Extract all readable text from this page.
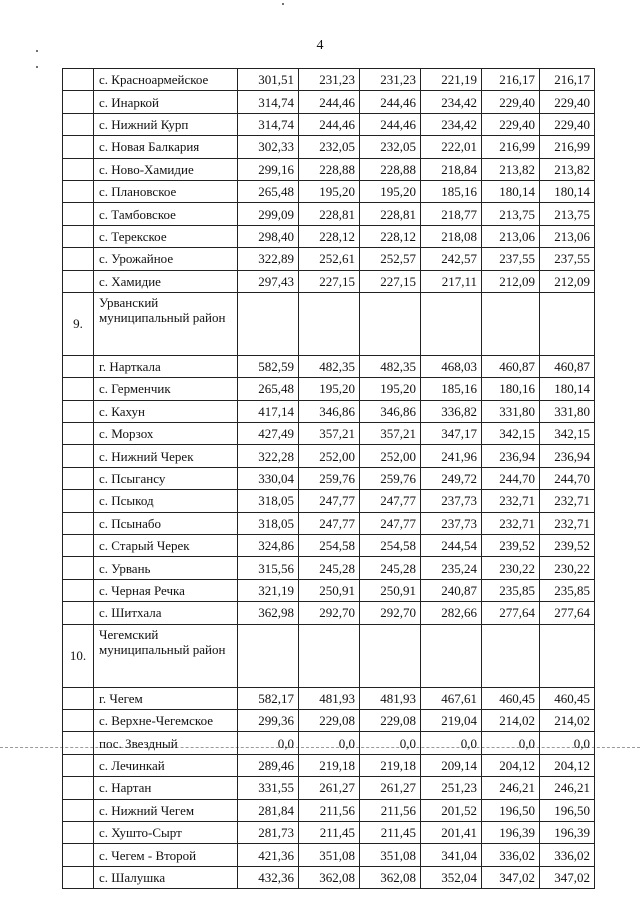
4
	с. Красноармейское	301,51	231,23	231,23	221,19	216,17	216,17
	с. Инаркой	314,74	244,46	244,46	234,42	229,40	229,40
	с. Нижний Курп	314,74	244,46	244,46	234,42	229,40	229,40
	с. Новая Балкария	302,33	232,05	232,05	222,01	216,99	216,99
	с. Ново-Хамидие	299,16	228,88	228,88	218,84	213,82	213,82
	с. Плановское	265,48	195,20	195,20	185,16	180,14	180,14
	с. Тамбовское	299,09	228,81	228,81	218,77	213,75	213,75
	с. Терекское	298,40	228,12	228,12	218,08	213,06	213,06
	с. Урожайное	322,89	252,61	252,57	242,57	237,55	237,55
	с. Хамидие	297,43	227,15	227,15	217,11	212,09	212,09
9.	Урванский муниципальный район						
	г. Нарткала	582,59	482,35	482,35	468,03	460,87	460,87
	с. Герменчик	265,48	195,20	195,20	185,16	180,16	180,14
	с. Кахун	417,14	346,86	346,86	336,82	331,80	331,80
	с. Морзох	427,49	357,21	357,21	347,17	342,15	342,15
	с. Нижний Черек	322,28	252,00	252,00	241,96	236,94	236,94
	с. Псыгансу	330,04	259,76	259,76	249,72	244,70	244,70
	с. Псыкод	318,05	247,77	247,77	237,73	232,71	232,71
	с. Псынабо	318,05	247,77	247,77	237,73	232,71	232,71
	с. Старый Черек	324,86	254,58	254,58	244,54	239,52	239,52
	с. Урвань	315,56	245,28	245,28	235,24	230,22	230,22
	с. Черная Речка	321,19	250,91	250,91	240,87	235,85	235,85
	с. Шитхала	362,98	292,70	292,70	282,66	277,64	277,64
10.	Чегемский муниципальный район						
	г. Чегем	582,17	481,93	481,93	467,61	460,45	460,45
	с. Верхне-Чегемское	299,36	229,08	229,08	219,04	214,02	214,02
	пос. Звездный	0,0	0,0	0,0	0,0	0,0	0,0
	с. Лечинкай	289,46	219,18	219,18	209,14	204,12	204,12
	с. Нартан	331,55	261,27	261,27	251,23	246,21	246,21
	с. Нижний Чегем	281,84	211,56	211,56	201,52	196,50	196,50
	с. Хушто-Сырт	281,73	211,45	211,45	201,41	196,39	196,39
	с. Чегем - Второй	421,36	351,08	351,08	341,04	336,02	336,02
	с. Шалушка	432,36	362,08	362,08	352,04	347,02	347,02
